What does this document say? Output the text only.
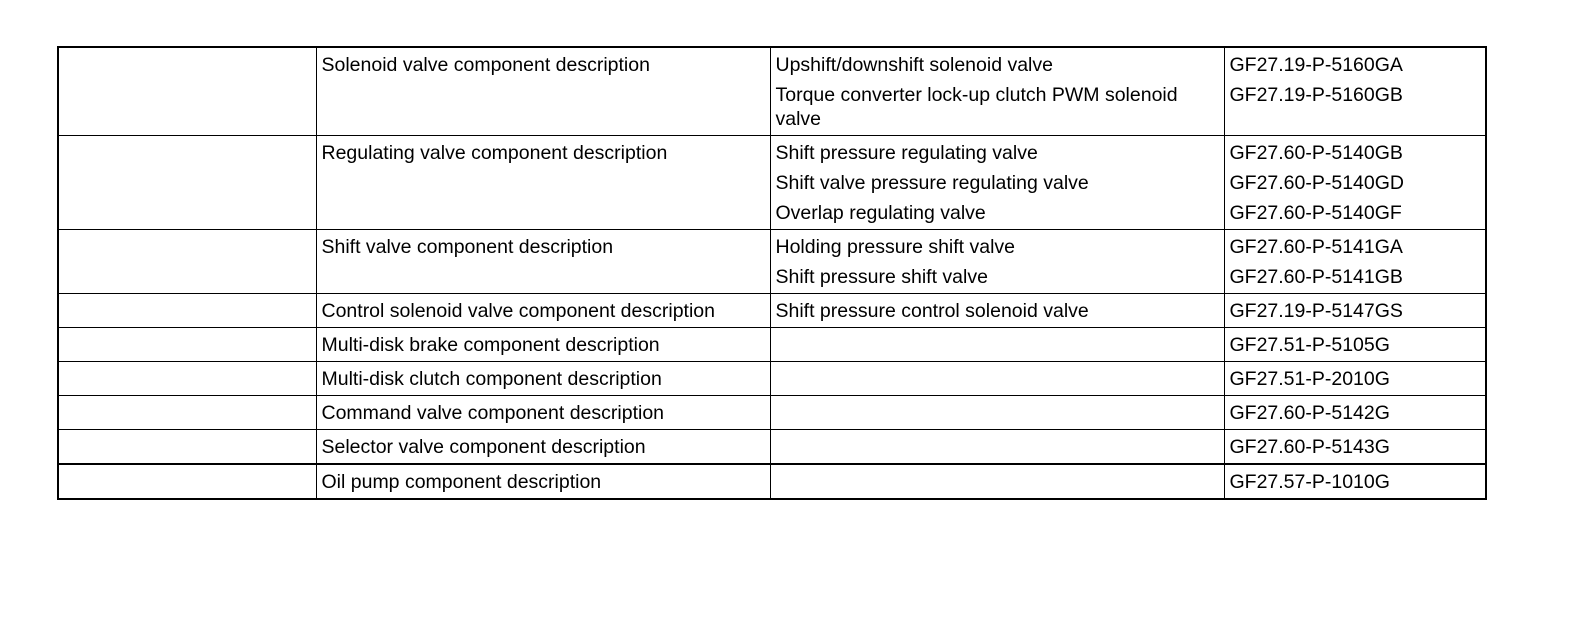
	Solenoid valve component description	Upshift/downshift solenoid valve	GF27.19-P-5160GA
		Torque converter lock-up clutch PWM solenoid valve	GF27.19-P-5160GB
	Regulating valve component description	Shift pressure regulating valve	GF27.60-P-5140GB
		Shift valve pressure regulating valve	GF27.60-P-5140GD
		Overlap regulating valve	GF27.60-P-5140GF
	Shift valve component description	Holding pressure shift valve	GF27.60-P-5141GA
		Shift pressure shift valve	GF27.60-P-5141GB
	Control solenoid valve component description	Shift pressure control solenoid valve	GF27.19-P-5147GS
	Multi-disk brake component description		GF27.51-P-5105G
	Multi-disk clutch component description		GF27.51-P-2010G
	Command valve component description		GF27.60-P-5142G
	Selector valve component description		GF27.60-P-5143G
	Oil pump component description		GF27.57-P-1010G
